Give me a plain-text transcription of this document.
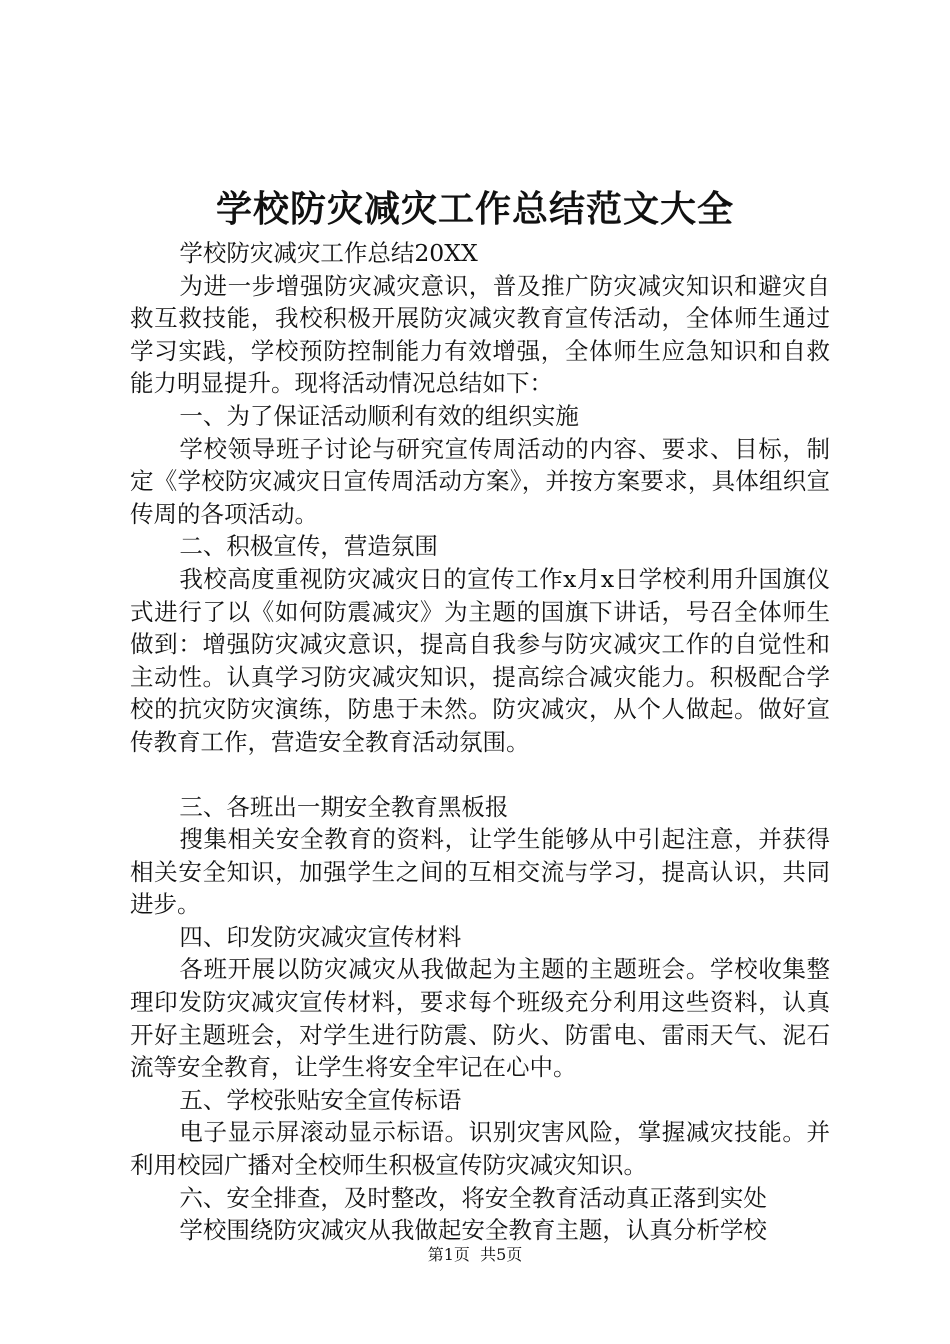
学校防灾减灾工作总结范文大全

学校防灾减灾工作总结20XX

为进一步增强防灾减灾意识，普及推广防灾减灾知识和避灾自救互救技能，我校积极开展防灾减灾教育宣传活动，全体师生通过学习实践，学校预防控制能力有效增强，全体师生应急知识和自救能力明显提升。现将活动情况总结如下：

一、为了保证活动顺利有效的组织实施

学校领导班子讨论与研究宣传周活动的内容、要求、目标，制定《学校防灾减灾日宣传周活动方案》，并按方案要求，具体组织宣传周的各项活动。

二、积极宣传，营造氛围

我校高度重视防灾减灾日的宣传工作x月x日学校利用升国旗仪式进行了以《如何防震减灾》为主题的国旗下讲话，号召全体师生做到：增强防灾减灾意识，提高自我参与防灾减灾工作的自觉性和主动性。认真学习防灾减灾知识，提高综合减灾能力。积极配合学校的抗灾防灾演练，防患于未然。防灾减灾，从个人做起。做好宣传教育工作，营造安全教育活动氛围。

三、各班出一期安全教育黑板报

搜集相关安全教育的资料，让学生能够从中引起注意，并获得相关安全知识，加强学生之间的互相交流与学习，提高认识，共同进步。

四、印发防灾减灾宣传材料

各班开展以防灾减灾从我做起为主题的主题班会。学校收集整理印发防灾减灾宣传材料，要求每个班级充分利用这些资料，认真开好主题班会，对学生进行防震、防火、防雷电、雷雨天气、泥石流等安全教育，让学生将安全牢记在心中。

五、学校张贴安全宣传标语

电子显示屏滚动显示标语。识别灾害风险，掌握减灾技能。并利用校园广播对全校师生积极宣传防灾减灾知识。

六、安全排查，及时整改，将安全教育活动真正落到实处

学校围绕防灾减灾从我做起安全教育主题，认真分析学校

第1页  共5页
